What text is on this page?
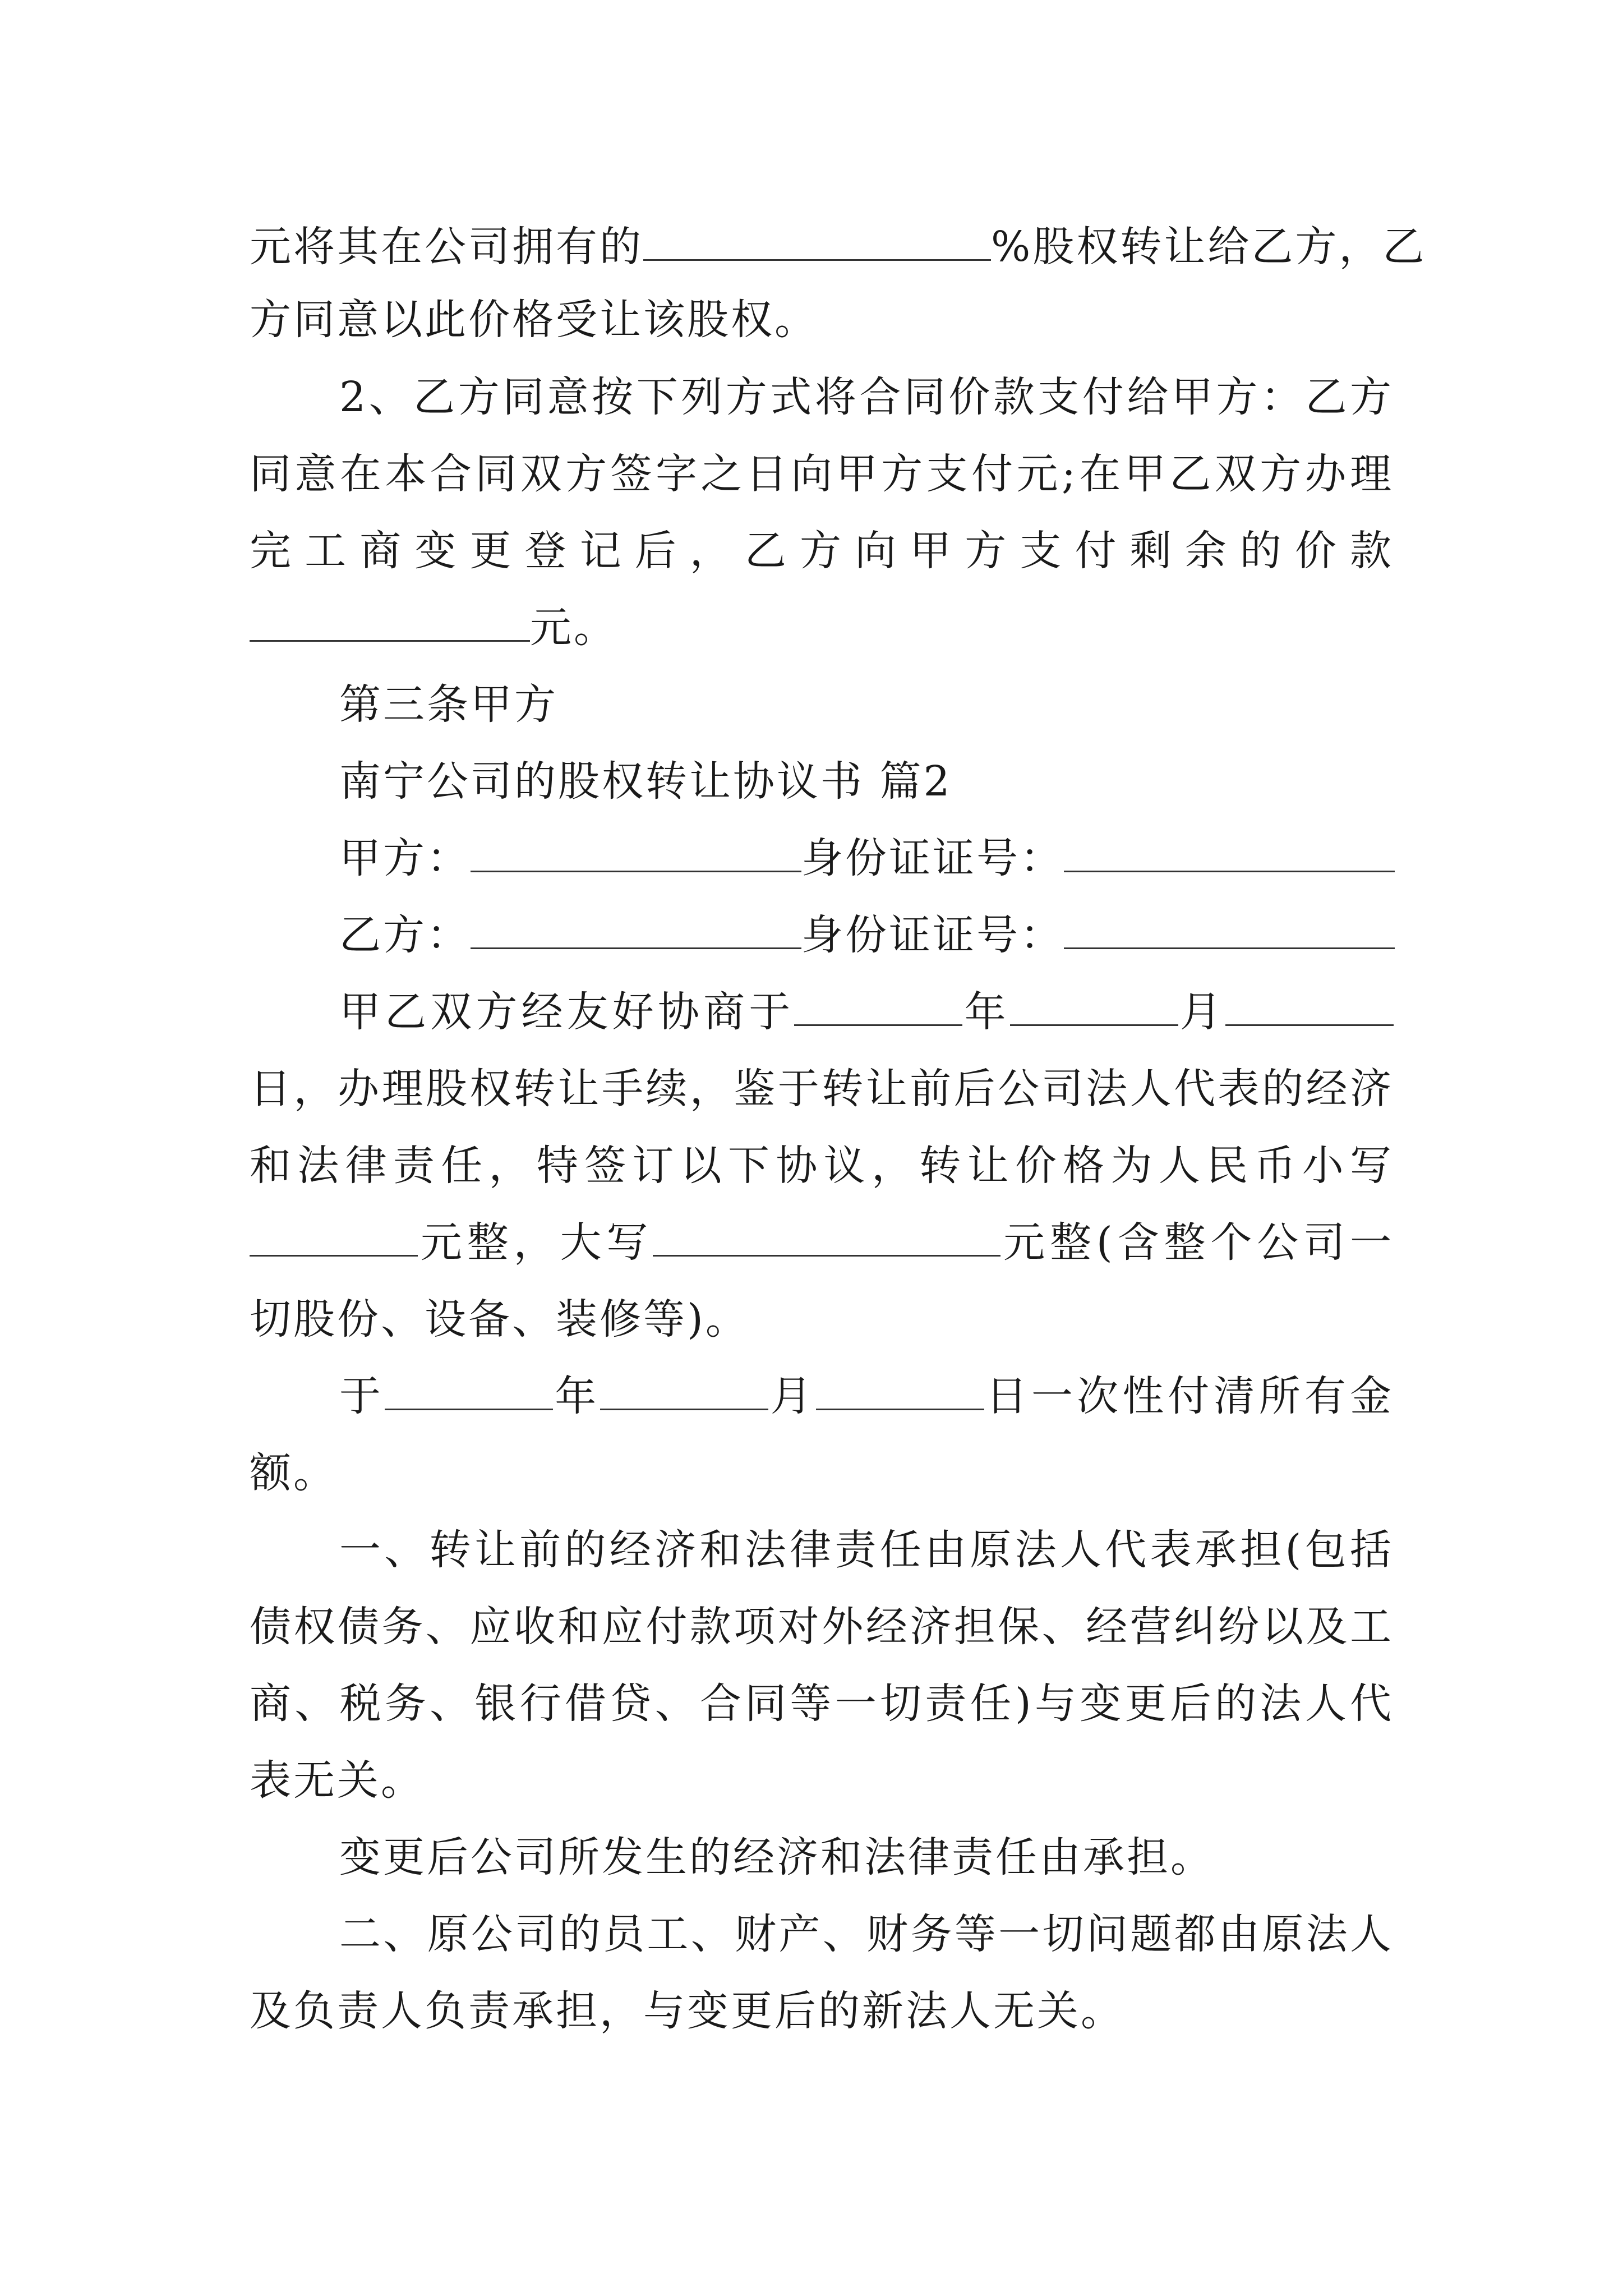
元将其在公司拥有的	%股权转让给乙方，乙
方同意以此价格受让该股权。
2、乙方同意按下列方式将合同价款支付给甲方：乙方
同意在本合同双方签字之日向甲方支付元;在甲乙双方办理
完工商变更登记后，乙方向甲方支付剩余的价款
元。
第三条甲方
南宁公司的股权转让协议书 篇2
甲方：	身份证证号：
乙方：	身份证证号：
甲乙双方经友好协商于	年	月
日，办理股权转让手续，鉴于转让前后公司法人代表的经济
和法律责任，特签订以下协议，转让价格为人民币小写
元整，大写	元整(含整个公司一
切股份、设备、装修等)。
于	年	月	日一次性付清所有金
额。
一、转让前的经济和法律责任由原法人代表承担(包括
债权债务、应收和应付款项对外经济担保、经营纠纷以及工
商、税务、银行借贷、合同等一切责任)与变更后的法人代
表无关。
变更后公司所发生的经济和法律责任由承担。
二、原公司的员工、财产、财务等一切问题都由原法人
及负责人负责承担，与变更后的新法人无关。
